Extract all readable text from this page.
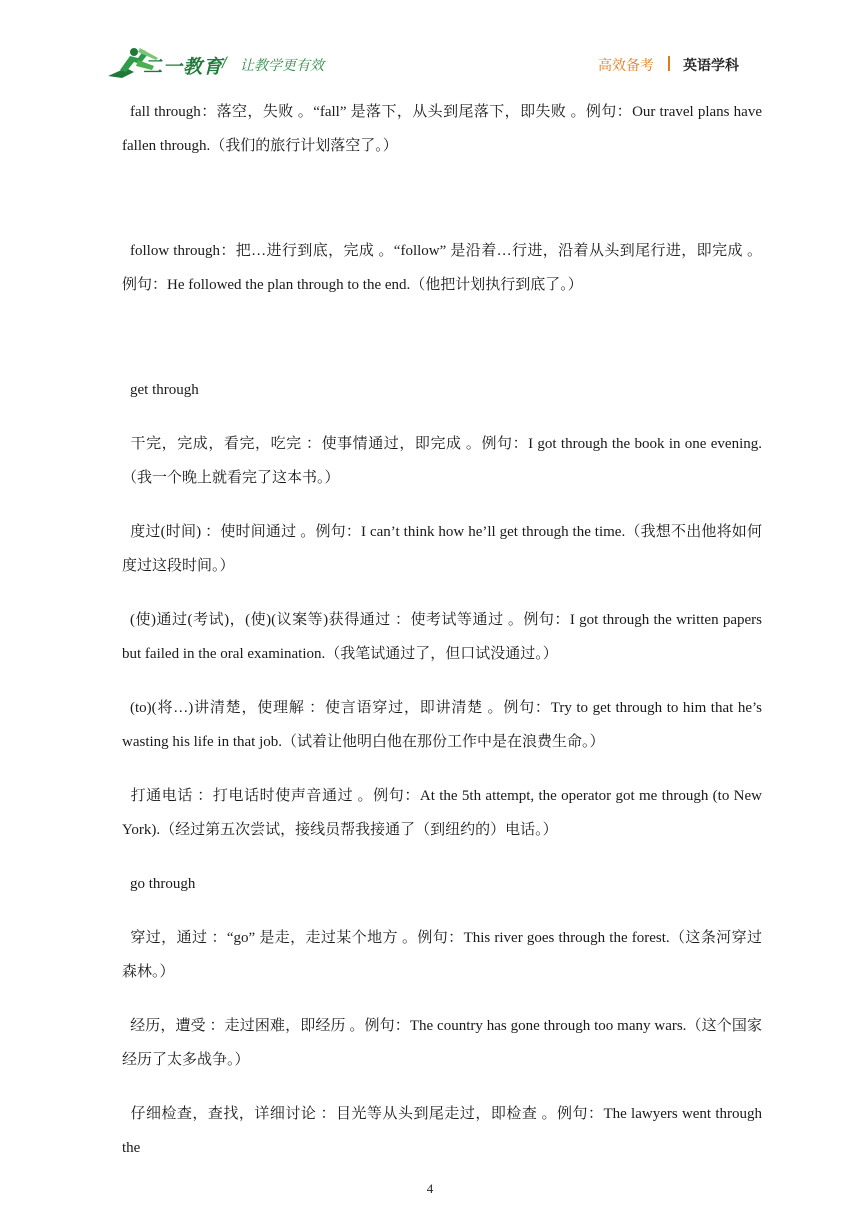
二一教育
/ 让教学更有效	高效备考 英语学科

fall through：落空，失败 。“fall” 是落下，从头到尾落下，即失败 。例句：Our travel plans have fallen through.（我们的旅行计划落空了。）

follow through：把…进行到底，完成 。“follow” 是沿着…行进，沿着从头到尾行进，即完成 。例句：He followed the plan through to the end.（他把计划执行到底了。）

get through

干完，完成，看完，吃完 ：使事情通过，即完成 。例句：I got through the book in one evening.（我一个晚上就看完了这本书。）

度过(时间) ：使时间通过 。例句：I can’t think how he’ll get through the time.（我想不出他将如何度过这段时间。）

(使)通过(考试)，(使)(议案等)获得通过 ：使考试等通过 。例句：I got through the written papers but failed in the oral examination.（我笔试通过了，但口试没通过。）

(to)(将…)讲清楚，使理解 ：使言语穿过，即讲清楚 。例句：Try to get through to him that he’s wasting his life in that job.（试着让他明白他在那份工作中是在浪费生命。）

打通电话 ：打电话时使声音通过 。例句：At the 5th attempt, the operator got me through (to New York).（经过第五次尝试，接线员帮我接通了（到纽约的）电话。）

go through

穿过，通过 ：“go” 是走，走过某个地方 。例句：This river goes through the forest.（这条河穿过森林。）

经历，遭受 ：走过困难，即经历 。例句：The country has gone through too many wars.（这个国家经历了太多战争。）

仔细检查，查找，详细讨论 ：目光等从头到尾走过，即检查 。例句：The lawyers went through the

4
